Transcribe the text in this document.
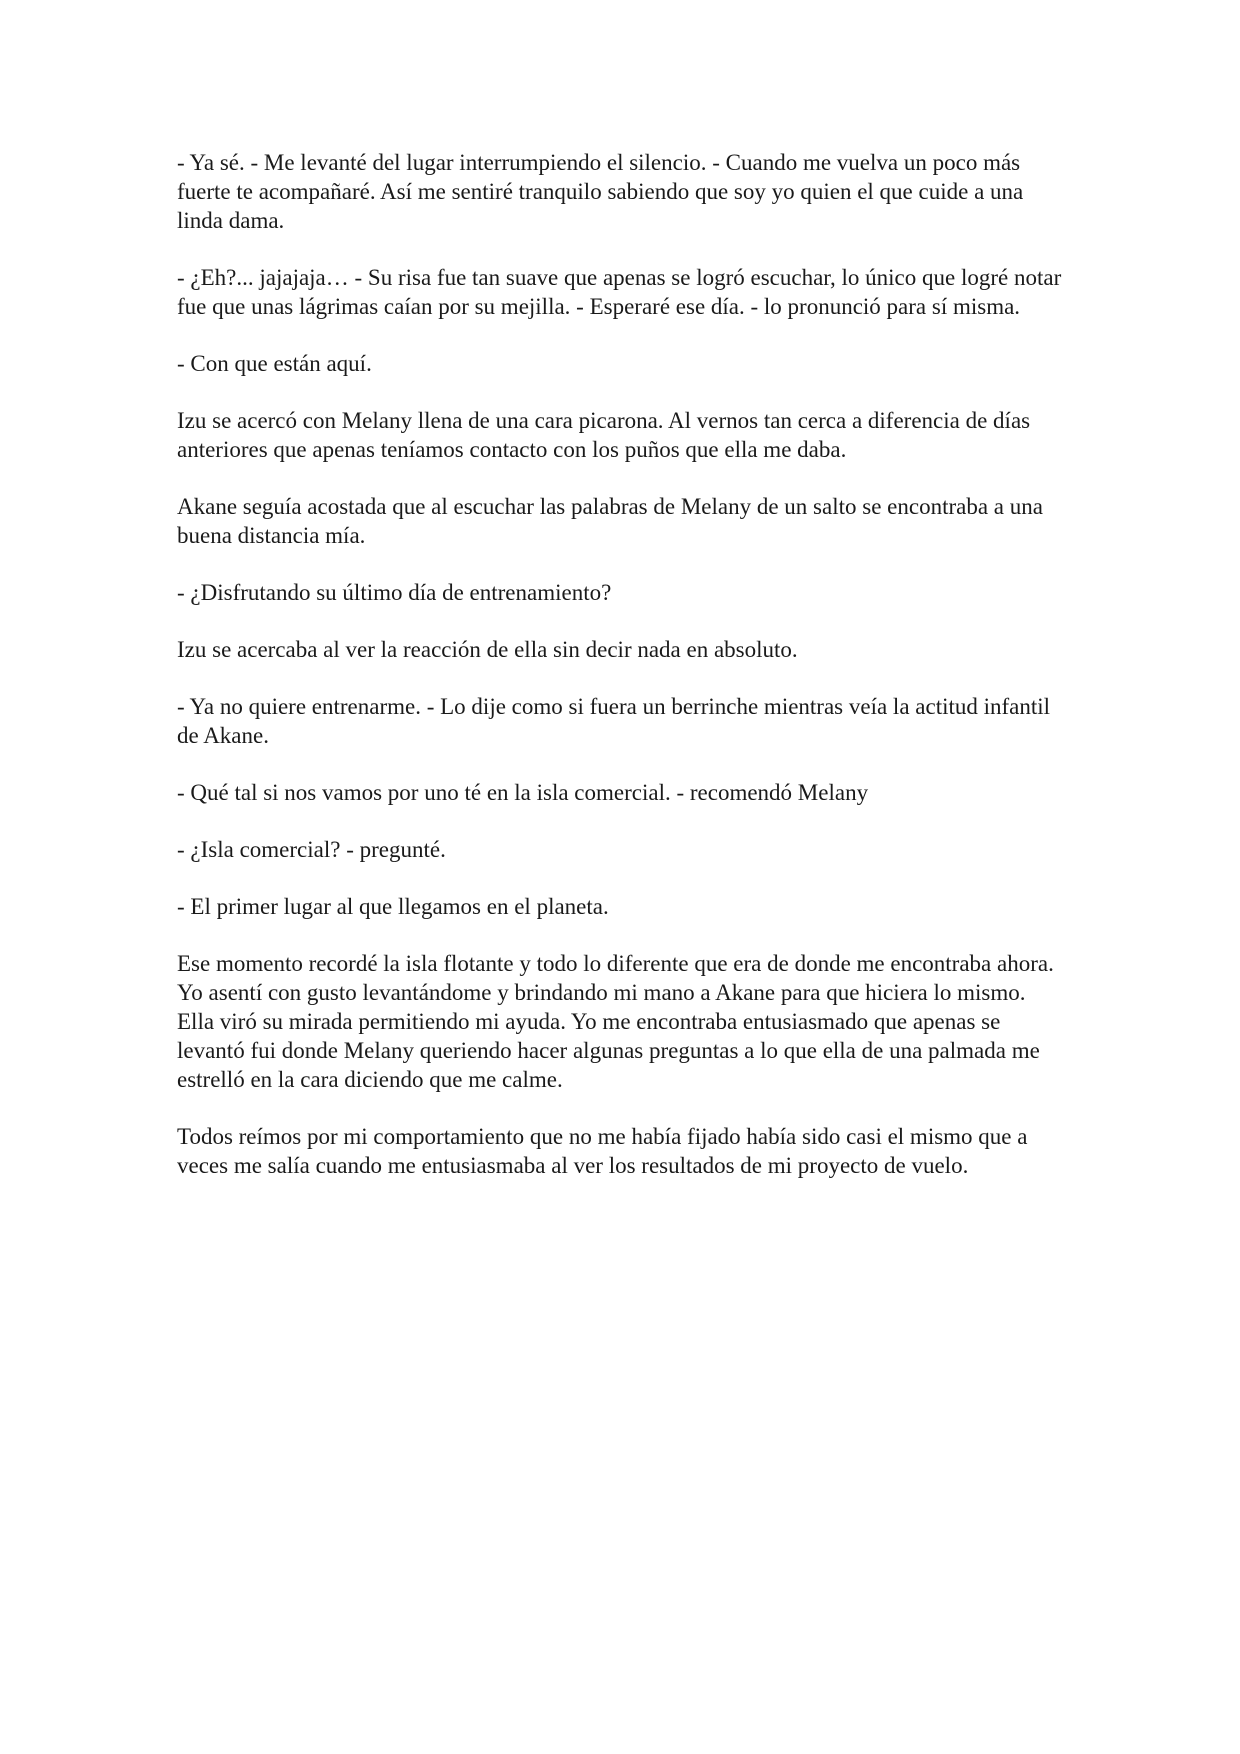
- Ya sé. - Me levanté del lugar interrumpiendo el silencio. - Cuando me vuelva un poco más fuerte te acompañaré. Así me sentiré tranquilo sabiendo que soy yo quien el que cuide a una linda dama.

- ¿Eh?... jajajaja… - Su risa fue tan suave que apenas se logró escuchar, lo único que logré notar fue que unas lágrimas caían por su mejilla. - Esperaré ese día. - lo pronunció para sí misma.

- Con que están aquí.

Izu se acercó con Melany llena de una cara picarona. Al vernos tan cerca a diferencia de días anteriores que apenas teníamos contacto con los puños que ella me daba.

Akane seguía acostada que al escuchar las palabras de Melany de un salto se encontraba a una buena distancia mía.

- ¿Disfrutando su último día de entrenamiento?

Izu se acercaba al ver la reacción de ella sin decir nada en absoluto.

- Ya no quiere entrenarme. - Lo dije como si fuera un berrinche mientras veía la actitud infantil de Akane.

- Qué tal si nos vamos por uno té en la isla comercial. - recomendó Melany

- ¿Isla comercial? - pregunté.

- El primer lugar al que llegamos en el planeta.

Ese momento recordé la isla flotante y todo lo diferente que era de donde me encontraba ahora. Yo asentí con gusto levantándome y brindando mi mano a Akane para que hiciera lo mismo. Ella viró su mirada permitiendo mi ayuda. Yo me encontraba entusiasmado que apenas se levantó fui donde Melany queriendo hacer algunas preguntas a lo que ella de una palmada me estrelló en la cara diciendo que me calme.

Todos reímos por mi comportamiento que no me había fijado había sido casi el mismo que a veces me salía cuando me entusiasmaba al ver los resultados de mi proyecto de vuelo.
